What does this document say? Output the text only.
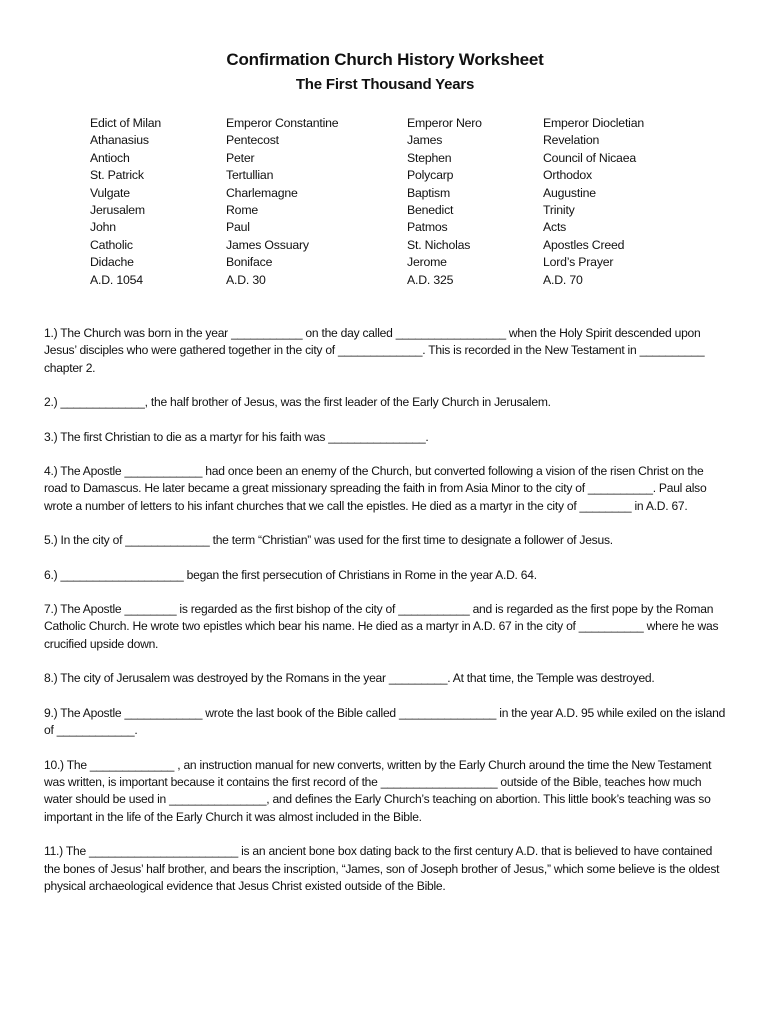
Confirmation Church History Worksheet
The First Thousand Years
Edict of Milan
Athanasius
Antioch
St. Patrick
Vulgate
Jerusalem
John
Catholic
Didache
A.D. 1054
Emperor Constantine
Pentecost
Peter
Tertullian
Charlemagne
Rome
Paul
James Ossuary
Boniface
A.D. 30
Emperor Nero
James
Stephen
Polycarp
Baptism
Benedict
Patmos
St. Nicholas
Jerome
A.D. 325
Emperor Diocletian
Revelation
Council of Nicaea
Orthodox
Augustine
Trinity
Acts
Apostles Creed
Lord’s Prayer
A.D. 70

1.) The Church was born in the year ___________ on the day called _________________ when the Holy Spirit descended upon Jesus’ disciples who were gathered together in the city of _____________. This is recorded in the New Testament in __________ chapter 2.

2.) _____________, the half brother of Jesus, was the first leader of the Early Church in Jerusalem.

3.) The first Christian to die as a martyr for his faith was _______________.

4.) The Apostle ____________ had once been an enemy of the Church, but converted following a vision of the risen Christ on the road to Damascus. He later became a great missionary spreading the faith in from Asia Minor to the city of __________. Paul also wrote a number of letters to his infant churches that we call the epistles. He died as a martyr in the city of ________ in A.D. 67.

5.) In the city of _____________ the term “Christian” was used for the first time to designate a follower of Jesus.

6.) ___________________ began the first persecution of Christians in Rome in the year A.D. 64.

7.) The Apostle ________ is regarded as the first bishop of the city of ___________ and is regarded as the first pope by the Roman Catholic Church. He wrote two epistles which bear his name. He died as a martyr in A.D. 67 in the city of __________ where he was crucified upside down.

8.) The city of Jerusalem was destroyed by the Romans in the year _________. At that time, the Temple was destroyed.

9.) The Apostle ____________ wrote the last book of the Bible called _______________ in the year A.D. 95 while exiled on the island of ____________.

10.) The _____________ , an instruction manual for new converts, written by the Early Church around the time the New Testament was written, is important because it contains the first record of the __________________ outside of the Bible, teaches how much water should be used in _______________, and defines the Early Church’s teaching on abortion. This little book’s teaching was so important in the life of the Early Church it was almost included in the Bible.

11.) The _______________________ is an ancient bone box dating back to the first century A.D. that is believed to have contained the bones of Jesus’ half brother, and bears the inscription, “James, son of Joseph brother of Jesus,” which some believe is the oldest physical archaeological evidence that Jesus Christ existed outside of the Bible.
